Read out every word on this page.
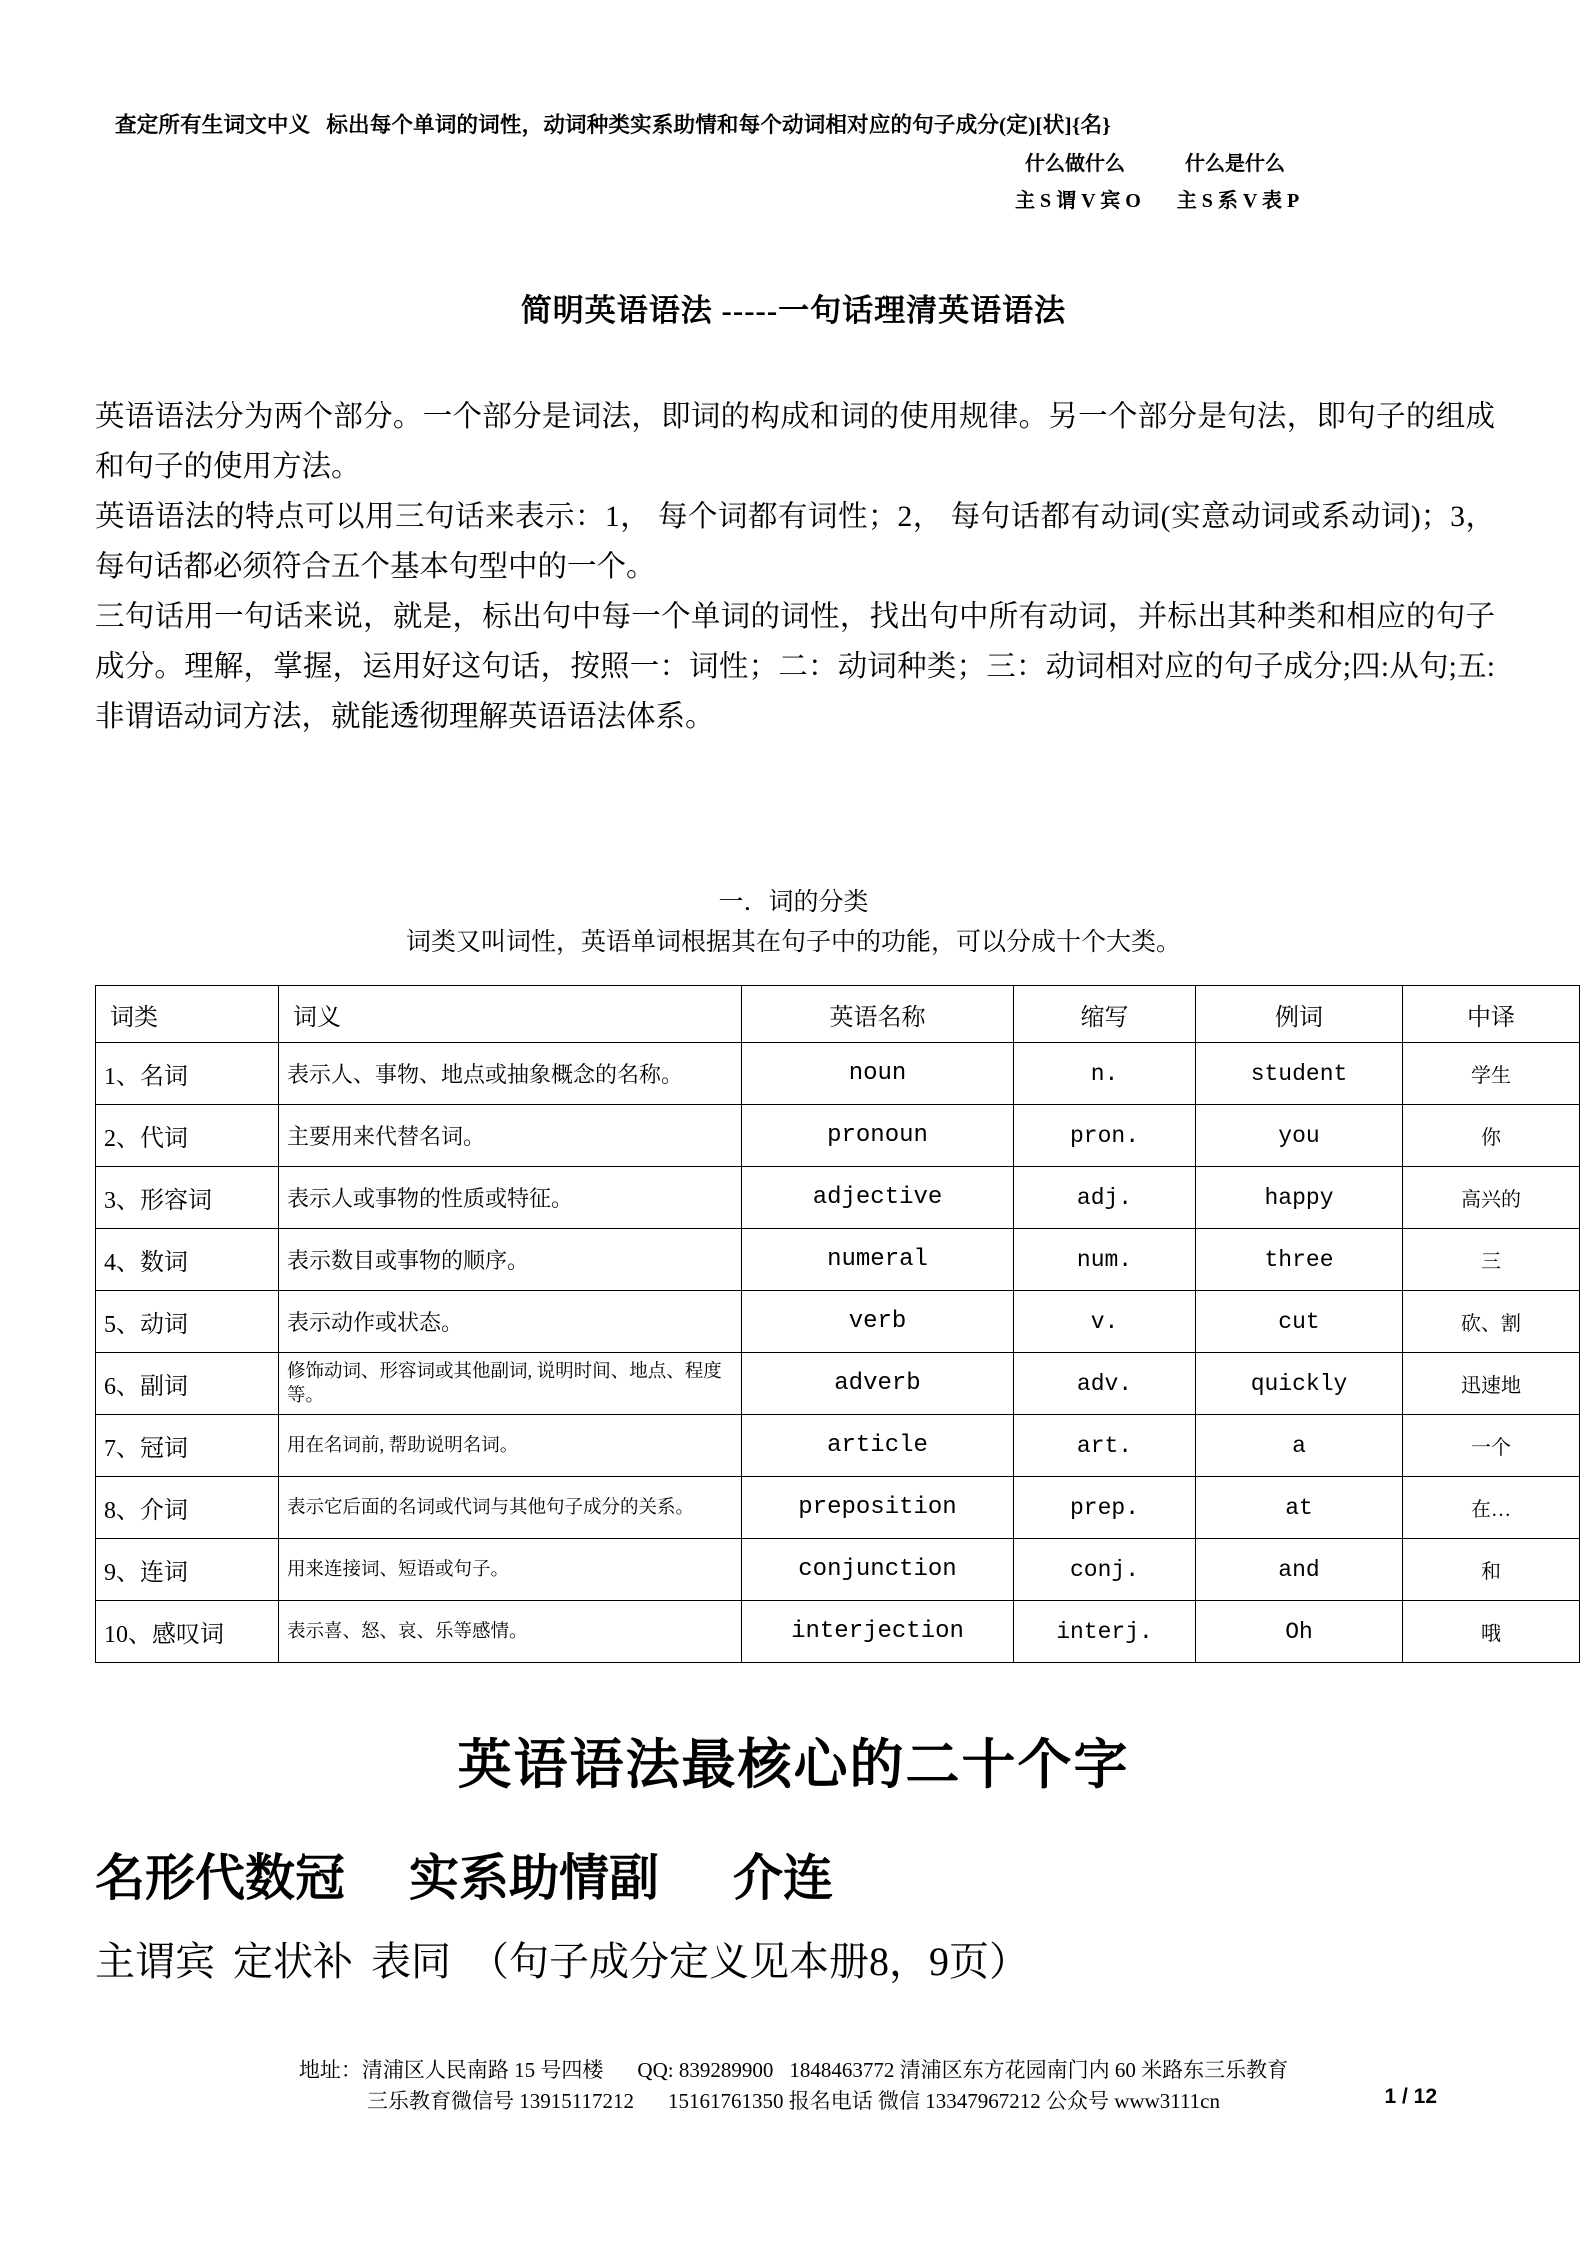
查定所有生词文中义 标出每个单词的词性，动词种类实系助情和每个动词相对应的句子成分(定)[状]{名}
什么做什么	什么是什么
主 S 谓 V 宾 O 主 S 系 V 表 P
简明英语语法 -----一句话理清英语语法

英语语法分为两个部分。一个部分是词法，即词的构成和词的使用规律。另一个部分是句法，即句子的组成和句子的使用方法。

英语语法的特点可以用三句话来表示：1， 每个词都有词性；2， 每句话都有动词(实意动词或系动词)；3，每句话都必须符合五个基本句型中的一个。

三句话用一句话来说，就是，标出句中每一个单词的词性，找出句中所有动词，并标出其种类和相应的句子成分。理解，掌握，运用好这句话，按照一：词性；二：动词种类；三：动词相对应的句子成分;四:从句;五:非谓语动词方法，就能透彻理解英语语法体系。

一．词的分类
词类又叫词性，英语单词根据其在句子中的功能，可以分成十个大类。
词类	词义	英语名称	缩写	例词	中译
1、名词	表示人、事物、地点或抽象概念的名称。	noun	n.	student	学生
2、代词	主要用来代替名词。	pronoun	pron.	you	你
3、形容词	表示人或事物的性质或特征。	adjective	adj.	happy	高兴的
4、数词	表示数目或事物的顺序。	numeral	num.	three	三
5、动词	表示动作或状态。	verb	v.	cut	砍、割
6、副词	修饰动词、形容词或其他副词, 说明时间、地点、程度等。	adverb	adv.	quickly	迅速地
7、冠词	用在名词前, 帮助说明名词。	article	art.	a	一个
8、介词	表示它后面的名词或代词与其他句子成分的关系。	preposition	prep.	at	在…
9、连词	用来连接词、短语或句子。	conjunction	conj.	and	和
10、感叹词	表示喜、怒、哀、乐等感情。	interjection	interj.	Oh	哦
英语语法最核心的二十个字
名形代数冠 实系助情副 介连
主谓宾 定状补 表同 （句子成分定义见本册8，9页）
地址：清浦区人民南路 15 号四楼 QQ: 839289900 1848463772 清浦区东方花园南门内 60 米路东三乐教育
三乐教育微信号 13915117212 15161761350 报名电话 微信 13347967212 公众号 www3111cn	1 / 12
